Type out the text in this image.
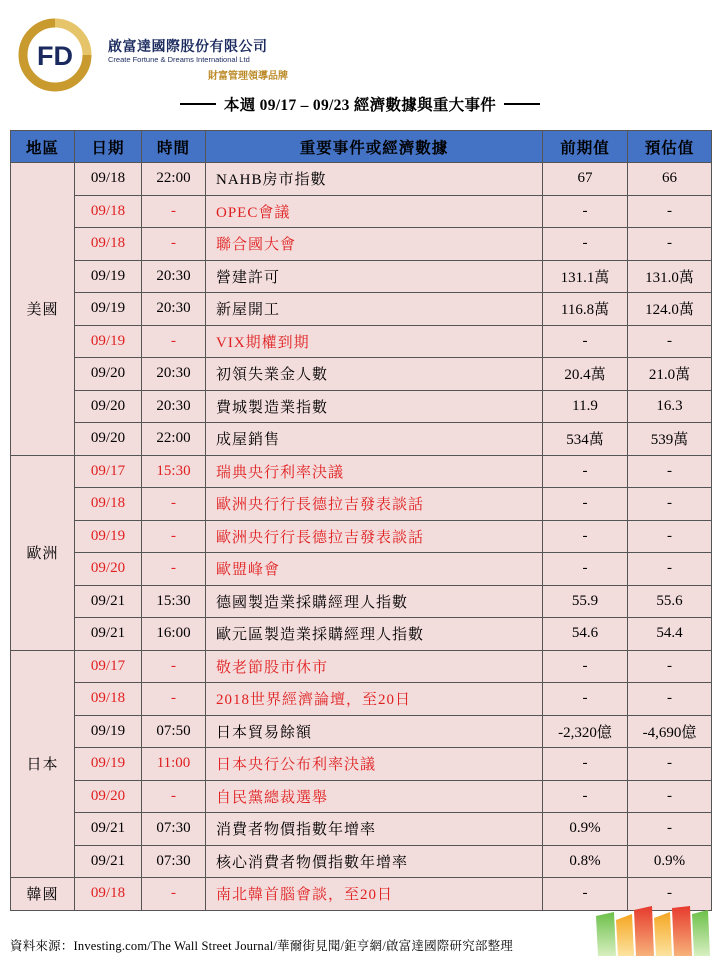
FD	啟富達國際股份有限公司
Create Fortune & Dreams International Ltd
財富管理領導品牌
本週 09/17 – 09/23 經濟數據與重大事件
地區	日期	時間	重要事件或經濟數據	前期值	預估值
美國	09/18	22:00	NAHB房市指數	67	66
	09/18	-	OPEC會議	-	-
	09/18	-	聯合國大會	-	-
	09/19	20:30	營建許可	131.1萬	131.0萬
	09/19	20:30	新屋開工	116.8萬	124.0萬
	09/19	-	VIX期權到期	-	-
	09/20	20:30	初領失業金人數	20.4萬	21.0萬
	09/20	20:30	費城製造業指數	11.9	16.3
	09/20	22:00	成屋銷售	534萬	539萬
歐洲	09/17	15:30	瑞典央行利率決議	-	-
	09/18	-	歐洲央行行長德拉吉發表談話	-	-
	09/19	-	歐洲央行行長德拉吉發表談話	-	-
	09/20	-	歐盟峰會	-	-
	09/21	15:30	德國製造業採購經理人指數	55.9	55.6
	09/21	16:00	歐元區製造業採購經理人指數	54.6	54.4
日本	09/17	-	敬老節股市休市	-	-
	09/18	-	2018世界經濟論壇，至20日	-	-
	09/19	07:50	日本貿易餘額	-2,320億	-4,690億
	09/19	11:00	日本央行公布利率決議	-	-
	09/20	-	自民黨總裁選舉	-	-
	09/21	07:30	消費者物價指數年增率	0.9%	-
	09/21	07:30	核心消費者物價指數年增率	0.8%	0.9%
韓國	09/18	-	南北韓首腦會談，至20日	-	-
資料來源：Investing.com/The Wall Street Journal/華爾街見聞/鉅亨網/啟富達國際研究部整理
